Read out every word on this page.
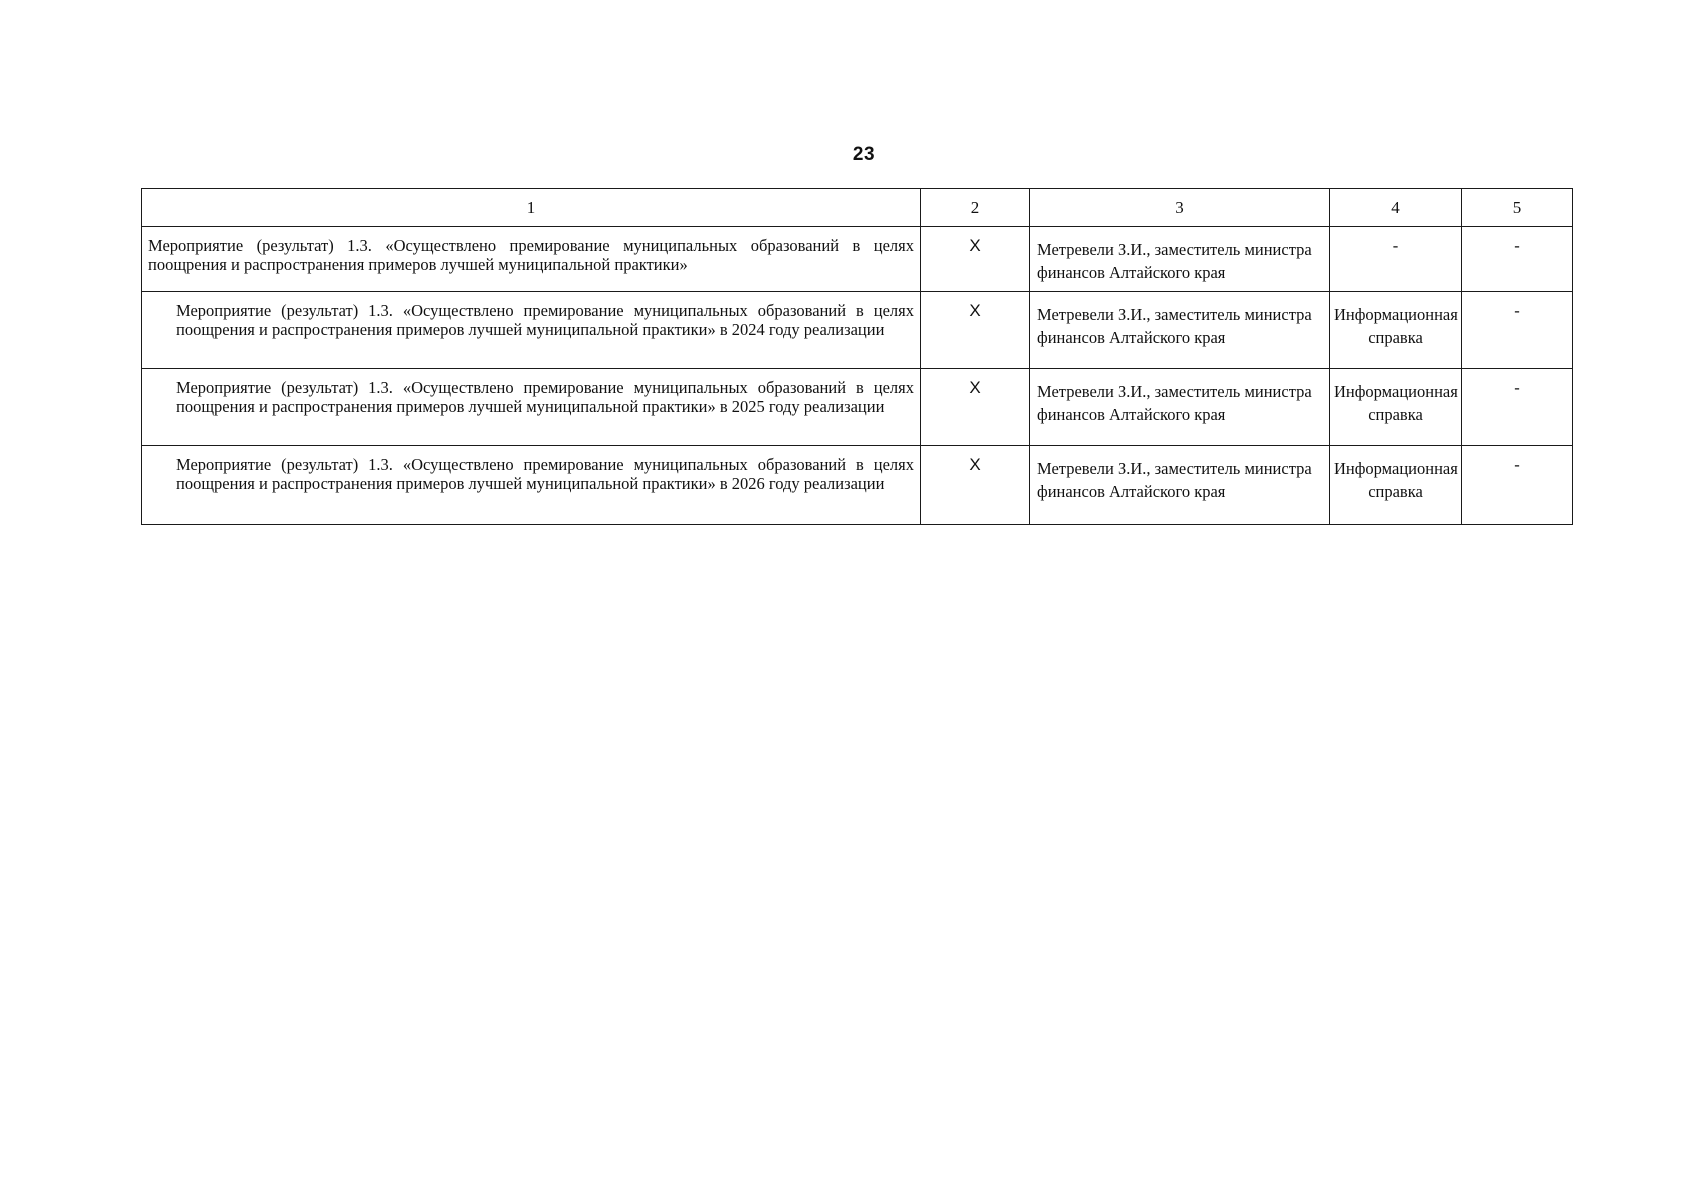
23
1	2	3	4	5

Мероприятие (результат) 1.3. «Осуществлено премирование муниципальных образований в целях поощрения и распространения примеров лучшей муниципальной практики»	X	Метревели З.И., заместитель министра финансов Алтайского края	-	-

Мероприятие (результат) 1.3. «Осуществлено премирование муниципальных образований в целях поощрения и распространения примеров лучшей муниципальной практики» в 2024 году реализации	X	Метревели З.И., заместитель министра финансов Алтайского края	Информационная справка	-

Мероприятие (результат) 1.3. «Осуществлено премирование муниципальных образований в целях поощрения и распространения примеров лучшей муниципальной практики» в 2025 году реализации	X	Метревели З.И., заместитель министра финансов Алтайского края	Информационная справка	-

Мероприятие (результат) 1.3. «Осуществлено премирование муниципальных образований в целях поощрения и распространения примеров лучшей муниципальной практики» в 2026 году реализации	X	Метревели З.И., заместитель министра финансов Алтайского края	Информационная справка	-
